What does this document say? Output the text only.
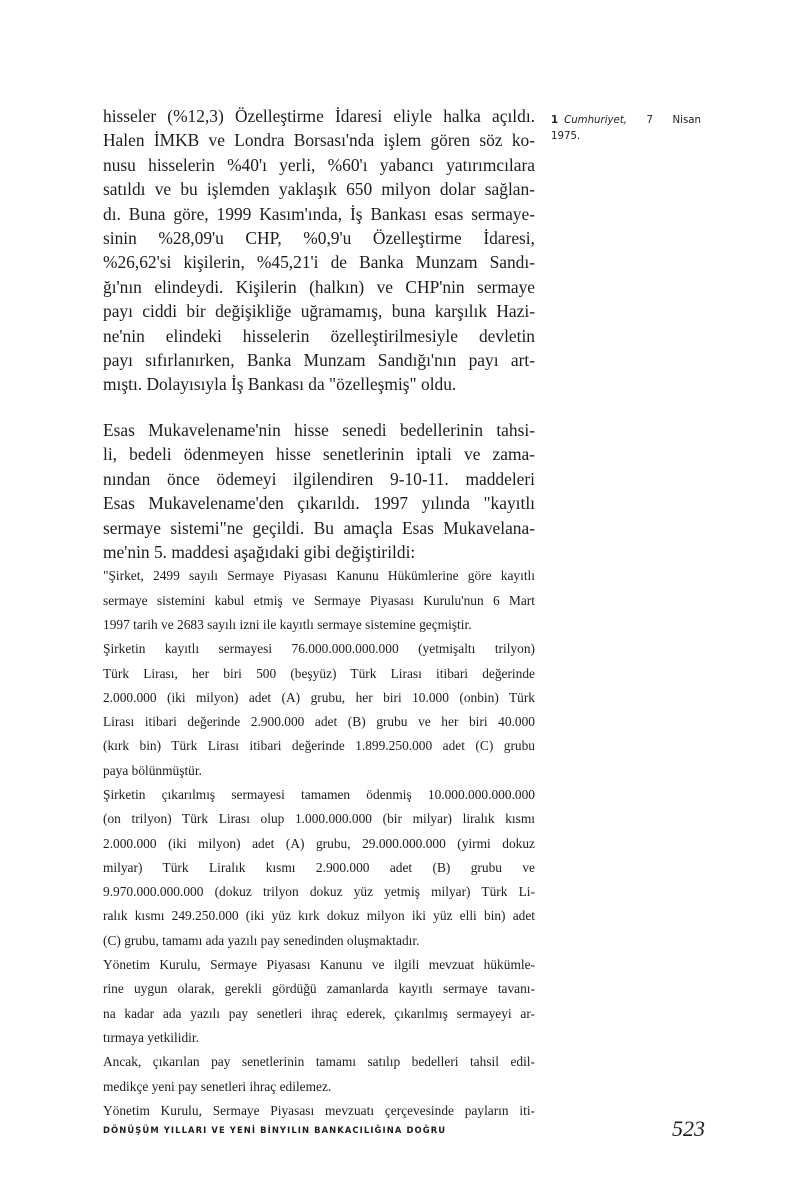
hisseler (%12,3) Özelleştirme İdaresi eliyle halka açıldı.
Halen İMKB ve Londra Borsası'nda işlem gören söz ko-
nusu hisselerin %40'ı yerli, %60'ı yabancı yatırımcılara
satıldı ve bu işlemden yaklaşık 650 milyon dolar sağlan-
dı. Buna göre, 1999 Kasım'ında, İş Bankası esas sermaye-
sinin %28,09'u CHP, %0,9'u Özelleştirme İdaresi,
%26,62'si kişilerin, %45,21'i de Banka Munzam Sandı-
ğı'nın elindeydi. Kişilerin (halkın) ve CHP'nin sermaye
payı ciddi bir değişikliğe uğramamış, buna karşılık Hazi-
ne'nin elindeki hisselerin özelleştirilmesiyle devletin
payı sıfırlanırken, Banka Munzam Sandığı'nın payı art-
mıştı. Dolayısıyla İş Bankası da "özelleşmiş" oldu.
Esas Mukavelename'nin hisse senedi bedellerinin tahsi-
li, bedeli ödenmeyen hisse senetlerinin iptali ve zama-
nından önce ödemeyi ilgilendiren 9-10-11. maddeleri
Esas Mukavelename'den çıkarıldı. 1997 yılında "kayıtlı
sermaye sistemi"ne geçildi. Bu amaçla Esas Mukavelana-
me'nin 5. maddesi aşağıdaki gibi değiştirildi:
"Şirket, 2499 sayılı Sermaye Piyasası Kanunu Hükümlerine göre kayıtlı
sermaye sistemini kabul etmiş ve Sermaye Piyasası Kurulu'nun 6 Mart
1997 tarih ve 2683 sayılı izni ile kayıtlı sermaye sistemine geçmiştir.
Şirketin kayıtlı sermayesi 76.000.000.000.000 (yetmişaltı trilyon)
Türk Lirası, her biri 500 (beşyüz) Türk Lirası itibari değerinde
2.000.000 (iki milyon) adet (A) grubu, her biri 10.000 (onbin) Türk
Lirası itibari değerinde 2.900.000 adet (B) grubu ve her biri 40.000
(kırk bin) Türk Lirası itibari değerinde 1.899.250.000 adet (C) grubu
paya bölünmüştür.
Şirketin çıkarılmış sermayesi tamamen ödenmiş 10.000.000.000.000
(on trilyon) Türk Lirası olup 1.000.000.000 (bir milyar) liralık kısmı
2.000.000 (iki milyon) adet (A) grubu, 29.000.000.000 (yirmi dokuz
milyar) Türk Liralık kısmı 2.900.000 adet (B) grubu ve
9.970.000.000.000 (dokuz trilyon dokuz yüz yetmiş milyar) Türk Li-
ralık kısmı 249.250.000 (iki yüz kırk dokuz milyon iki yüz elli bin) adet
(C) grubu, tamamı ada yazılı pay senedinden oluşmaktadır.
Yönetim Kurulu, Sermaye Piyasası Kanunu ve ilgili mevzuat hükümle-
rine uygun olarak, gerekli gördüğü zamanlarda kayıtlı sermaye tavanı-
na kadar ada yazılı pay senetleri ihraç ederek, çıkarılmış sermayeyi ar-
tırmaya yetkilidir.
Ancak, çıkarılan pay senetlerinin tamamı satılıp bedelleri tahsil edil-
medikçe yeni pay senetleri ihraç edilemez.
Yönetim Kurulu, Sermaye Piyasası mevzuatı çerçevesinde payların iti-
1 Cumhuriyet, 7 Nisan
1975.
DÖNÜŞÜM YILLARI VE YENİ BİNYILIN BANKACILIĞINA DOĞRU	523
